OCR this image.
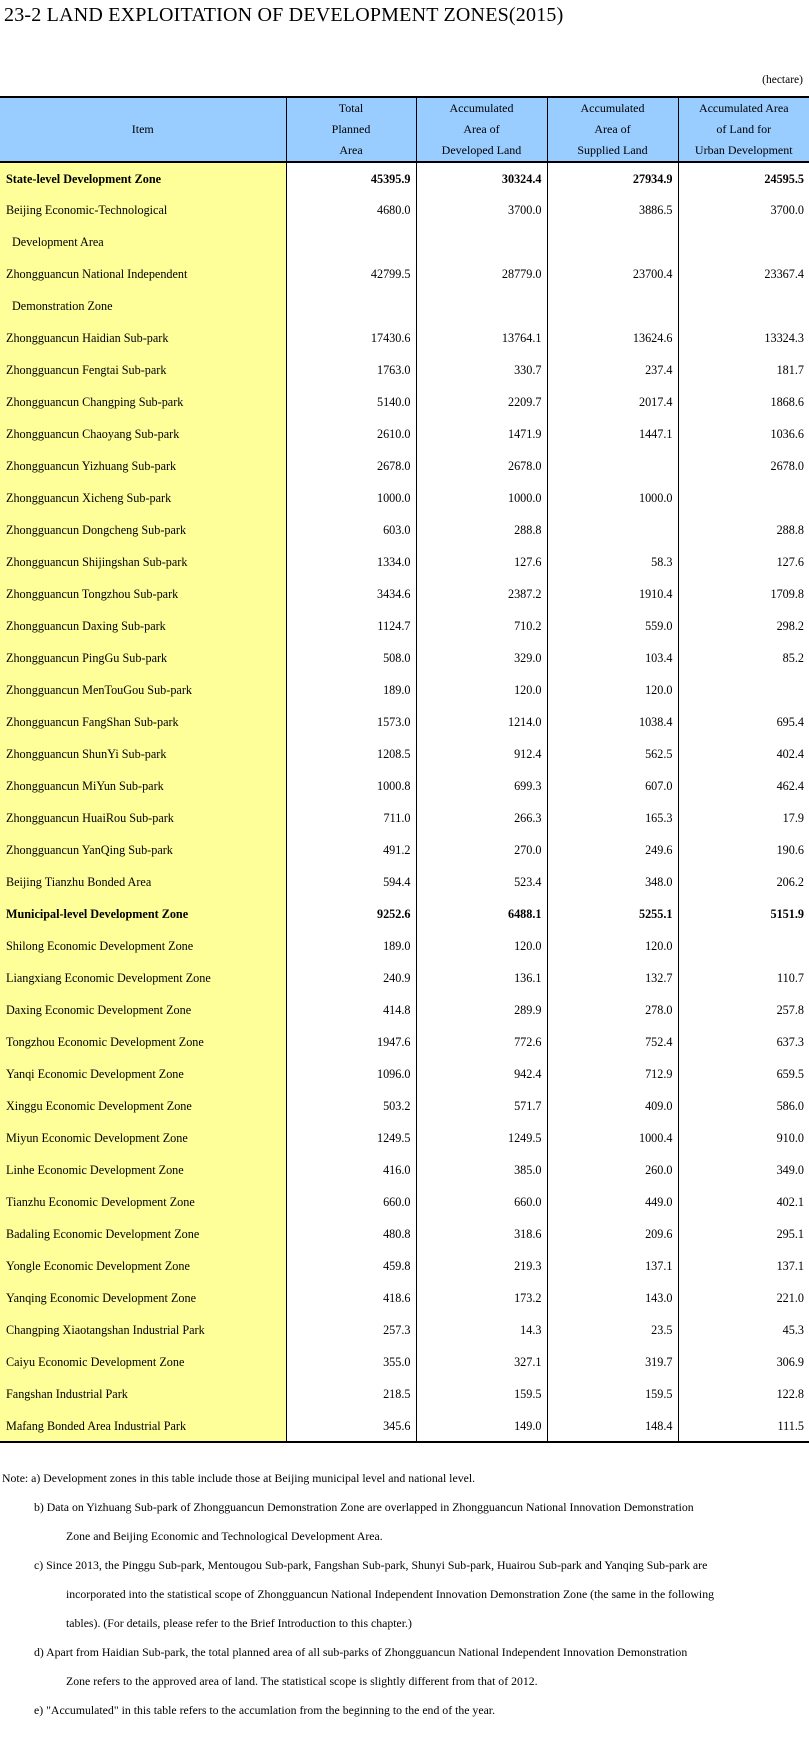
23-2 LAND EXPLOITATION OF DEVELOPMENT ZONES(2015)
(hectare)
Item	Total
Planned
Area	Accumulated
Area of
Developed Land	Accumulated
Area of
Supplied Land	Accumulated Area
of Land for
Urban Development

State-level Development Zone	45395.9	30324.4	27934.9	24595.5
Beijing Economic-Technological
Development Area	4680.0	3700.0	3886.5	3700.0
Zhongguancun National Independent
Demonstration Zone	42799.5	28779.0	23700.4	23367.4
Zhongguancun Haidian Sub-park	17430.6	13764.1	13624.6	13324.3
Zhongguancun Fengtai Sub-park	1763.0	330.7	237.4	181.7
Zhongguancun Changping Sub-park	5140.0	2209.7	2017.4	1868.6
Zhongguancun Chaoyang Sub-park	2610.0	1471.9	1447.1	1036.6
Zhongguancun Yizhuang Sub-park	2678.0	2678.0		2678.0
Zhongguancun Xicheng Sub-park	1000.0	1000.0	1000.0	
Zhongguancun Dongcheng Sub-park	603.0	288.8		288.8
Zhongguancun Shijingshan Sub-park	1334.0	127.6	58.3	127.6
Zhongguancun Tongzhou Sub-park	3434.6	2387.2	1910.4	1709.8
Zhongguancun Daxing Sub-park	1124.7	710.2	559.0	298.2
Zhongguancun PingGu Sub-park	508.0	329.0	103.4	85.2
Zhongguancun MenTouGou Sub-park	189.0	120.0	120.0	
Zhongguancun FangShan Sub-park	1573.0	1214.0	1038.4	695.4
Zhongguancun ShunYi Sub-park	1208.5	912.4	562.5	402.4
Zhongguancun MiYun Sub-park	1000.8	699.3	607.0	462.4
Zhongguancun HuaiRou Sub-park	711.0	266.3	165.3	17.9
Zhongguancun YanQing Sub-park	491.2	270.0	249.6	190.6
Beijing Tianzhu Bonded Area	594.4	523.4	348.0	206.2
Municipal-level Development Zone	9252.6	6488.1	5255.1	5151.9
Shilong Economic Development Zone	189.0	120.0	120.0	
Liangxiang Economic Development Zone	240.9	136.1	132.7	110.7
Daxing Economic Development Zone	414.8	289.9	278.0	257.8
Tongzhou Economic Development Zone	1947.6	772.6	752.4	637.3
Yanqi Economic Development Zone	1096.0	942.4	712.9	659.5
Xinggu Economic Development Zone	503.2	571.7	409.0	586.0
Miyun Economic Development Zone	1249.5	1249.5	1000.4	910.0
Linhe Economic Development Zone	416.0	385.0	260.0	349.0
Tianzhu Economic Development Zone	660.0	660.0	449.0	402.1
Badaling Economic Development Zone	480.8	318.6	209.6	295.1
Yongle Economic Development Zone	459.8	219.3	137.1	137.1
Yanqing Economic Development Zone	418.6	173.2	143.0	221.0
Changping Xiaotangshan Industrial Park	257.3	14.3	23.5	45.3
Caiyu Economic Development Zone	355.0	327.1	319.7	306.9
Fangshan Industrial Park	218.5	159.5	159.5	122.8
Mafang Bonded Area Industrial Park	345.6	149.0	148.4	111.5

Note: a) Development zones in this table include those at Beijing municipal level and national level.

b) Data on Yizhuang Sub-park of Zhongguancun Demonstration Zone are overlapped in Zhongguancun National Innovation Demonstration
Zone and Beijing Economic and Technological Development Area.

c) Since 2013, the Pinggu Sub-park, Mentougou Sub-park, Fangshan Sub-park, Shunyi Sub-park, Huairou Sub-park and Yanqing Sub-park are
incorporated into the statistical scope of Zhongguancun National Independent Innovation Demonstration Zone (the same in the following
tables). (For details, please refer to the Brief Introduction to this chapter.)

d) Apart from Haidian Sub-park, the total planned area of all sub-parks of Zhongguancun National Independent Innovation Demonstration
Zone refers to the approved area of land. The statistical scope is slightly different from that of 2012.

e) "Accumulated" in this table refers to the accumlation from the beginning to the end of the year.
